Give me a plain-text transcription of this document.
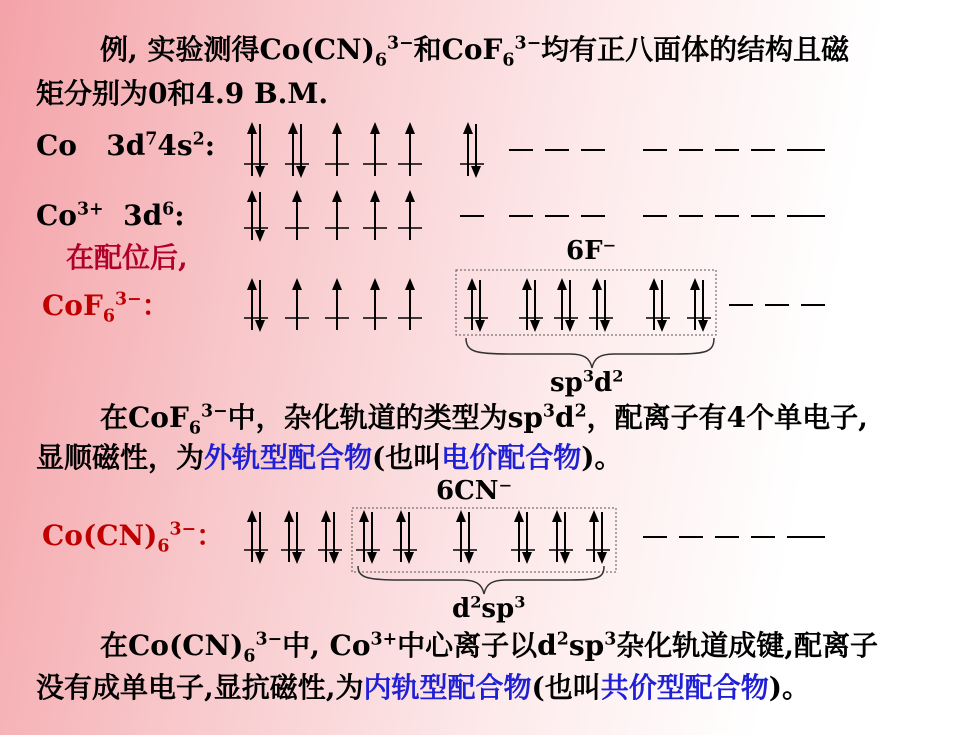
例, 实验测得$Co(CN)_6^{3-}$和CoF$_6^{3-}$均有正八面体的结构且磁
矩分别为0和4.9 B.M.
Co   $3d^74s^2$:
$Co^{3+}$  $3d^6$:
在配位后,
CoF$_6^{3-}$：
$Co(CN)_6^{3-}$：
6F⁻
6CN⁻
$sp^3d^2$
$d^2sp^3$
在CoF$_6^{3-}$中，杂化轨道的类型为$sp^3d^2$，配离子有4个单电子,
显顺磁性，为外轨型配合物(也叫电价配合物)。
在$Co(CN)_6^{3-}$中, $Co^{3+}$中心离子以$d^2sp^3$杂化轨道成键,配离子
没有成单电子,显抗磁性,为内轨型配合物(也叫共价型配合物)。
